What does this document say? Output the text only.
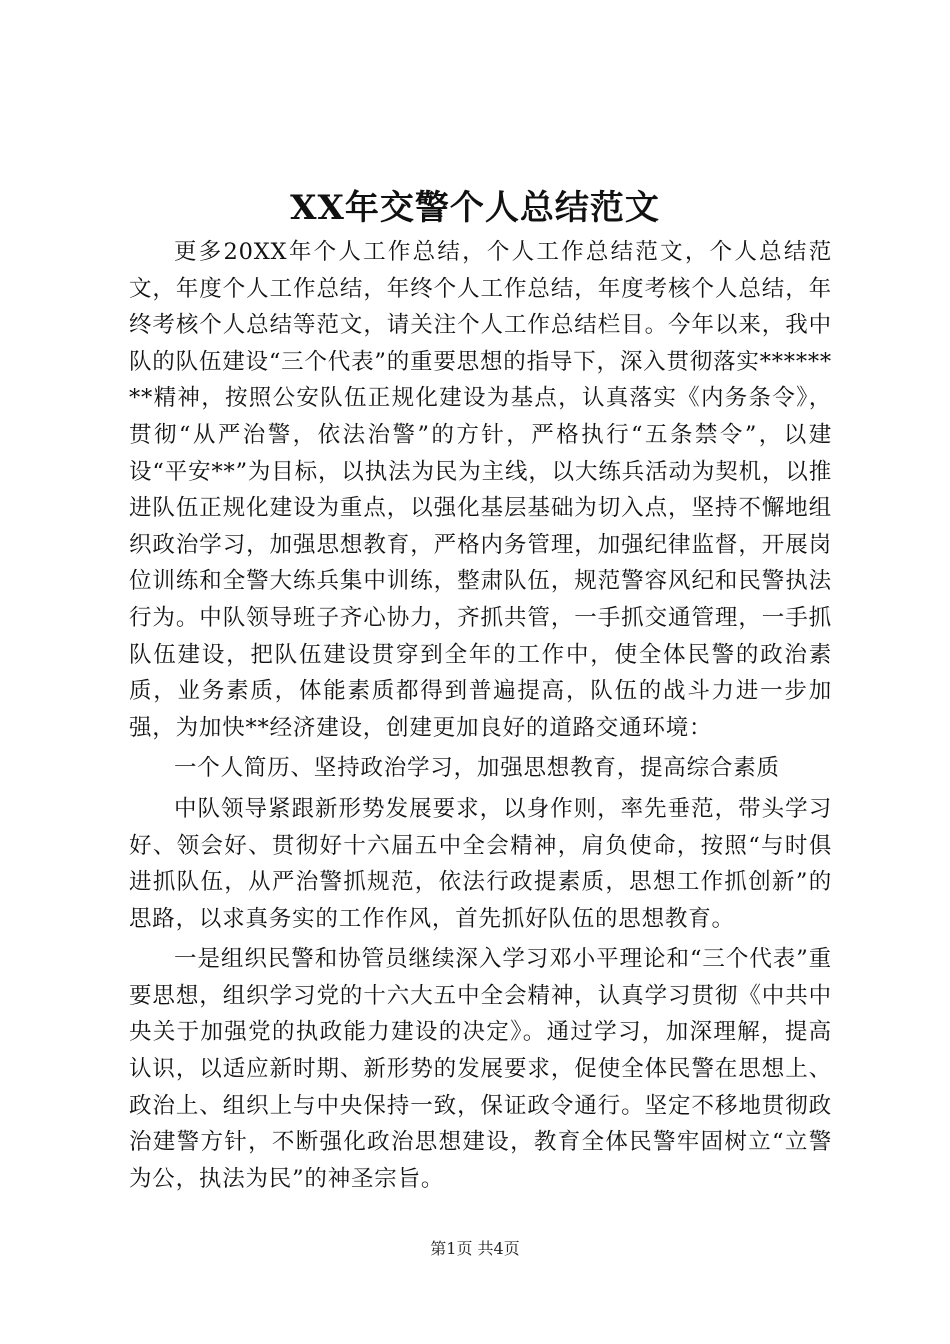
XX年交警个人总结范文

更多20XX年个人工作总结，个人工作总结范文，个人总结范文，年度个人工作总结，年终个人工作总结，年度考核个人总结，年终考核个人总结等范文，请关注个人工作总结栏目。今年以来，我中队的队伍建设“三个代表”的重要思想的指导下，深入贯彻落实********精神，按照公安队伍正规化建设为基点，认真落实《内务条令》，贯彻“从严治警，依法治警”的方针，严格执行“五条禁令”，以建设“平安**”为目标，以执法为民为主线，以大练兵活动为契机，以推进队伍正规化建设为重点，以强化基层基础为切入点，坚持不懈地组织政治学习，加强思想教育，严格内务管理，加强纪律监督，开展岗位训练和全警大练兵集中训练，整肃队伍，规范警容风纪和民警执法行为。中队领导班子齐心协力，齐抓共管，一手抓交通管理，一手抓队伍建设，把队伍建设贯穿到全年的工作中，使全体民警的政治素质，业务素质，体能素质都得到普遍提高，队伍的战斗力进一步加强，为加快**经济建设，创建更加良好的道路交通环境：

一个人简历、坚持政治学习，加强思想教育，提高综合素质

中队领导紧跟新形势发展要求，以身作则，率先垂范，带头学习好、领会好、贯彻好十六届五中全会精神，肩负使命，按照“与时俱进抓队伍，从严治警抓规范，依法行政提素质，思想工作抓创新”的思路，以求真务实的工作作风，首先抓好队伍的思想教育。

一是组织民警和协管员继续深入学习邓小平理论和“三个代表”重要思想，组织学习党的十六大五中全会精神，认真学习贯彻《中共中央关于加强党的执政能力建设的决定》。通过学习，加深理解，提高认识，以适应新时期、新形势的发展要求，促使全体民警在思想上、政治上、组织上与中央保持一致，保证政令通行。坚定不移地贯彻政治建警方针，不断强化政治思想建设，教育全体民警牢固树立“立警为公，执法为民”的神圣宗旨。

第1页 共4页
